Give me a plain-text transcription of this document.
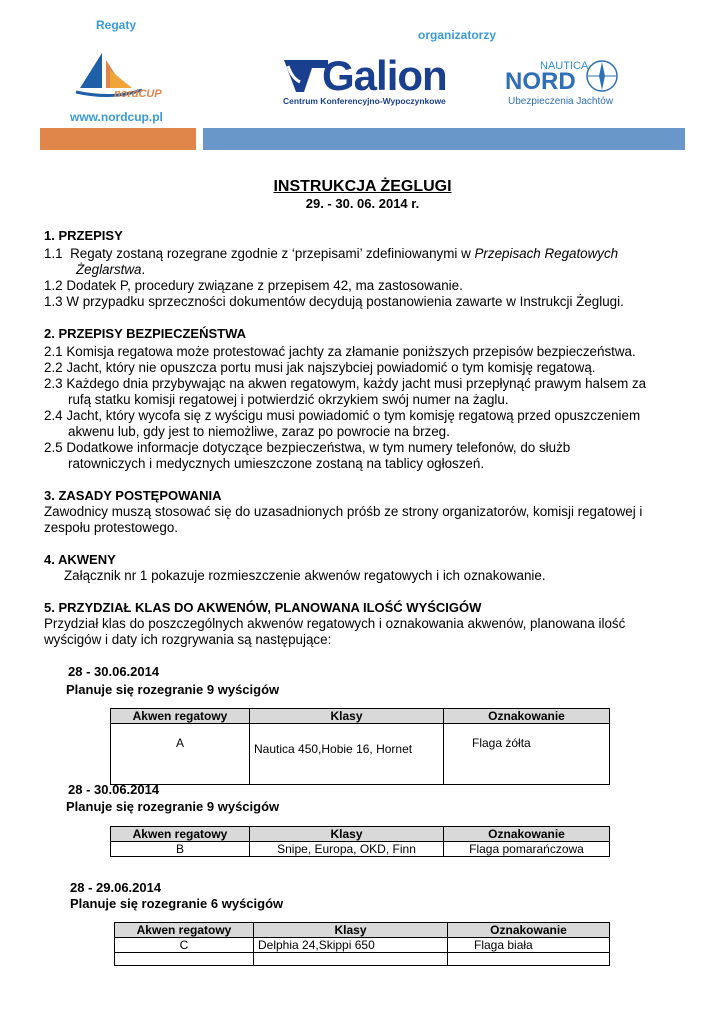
Regaty
organizatorzy
nordCUP
www.nordcup.pl
Galion
Centrum Konferencyjno-Wypoczynkowe
NAUTICA
NORD
Ubezpieczenia Jachtów
INSTRUKCJA ŻEGLUGI
29. - 30. 06. 2014 r.
1. PRZEPISY
1.1 Regaty zostaną rozegrane zgodnie z ‘przepisami’ zdefiniowanymi w Przepisach Regatowych
Żeglarstwa.
1.2 Dodatek P, procedury związane z przepisem 42, ma zastosowanie.
1.3 W przypadku sprzeczności dokumentów decydują postanowienia zawarte w Instrukcji Żeglugi.
2. PRZEPISY BEZPIECZEŃSTWA
2.1 Komisja regatowa może protestować jachty za złamanie poniższych przepisów bezpieczeństwa.
2.2 Jacht, który nie opuszcza portu musi jak najszybciej powiadomić o tym komisję regatową.
2.3 Każdego dnia przybywając na akwen regatowym, każdy jacht musi przepłynąć prawym halsem za
rufą statku komisji regatowej i potwierdzić okrzykiem swój numer na żaglu.
2.4 Jacht, który wycofa się z wyścigu musi powiadomić o tym komisję regatową przed opuszczeniem
akwenu lub, gdy jest to niemożliwe, zaraz po powrocie na brzeg.
2.5 Dodatkowe informacje dotyczące bezpieczeństwa, w tym numery telefonów, do służb
ratowniczych i medycznych umieszczone zostaną na tablicy ogłoszeń.
3. ZASADY POSTĘPOWANIA
Zawodnicy muszą stosować się do uzasadnionych próśb ze strony organizatorów, komisji regatowej i
zespołu protestowego.
4. AKWENY
Załącznik nr 1 pokazuje rozmieszczenie akwenów regatowych i ich oznakowanie.
5. PRZYDZIAŁ KLAS DO AKWENÓW, PLANOWANA ILOŚĆ WYŚCIGÓW
Przydział klas do poszczególnych akwenów regatowych i oznakowania akwenów, planowana ilość
wyścigów i daty ich rozgrywania są następujące:
28 - 30.06.2014
Planuje się rozegranie 9 wyścigów
Akwen regatowy	Klasy	Oznakowanie
A	Nautica 450,Hobie 16, Hornet	Flaga żółta
28 - 30.06.2014
Planuje się rozegranie 9 wyścigów
Akwen regatowy	Klasy	Oznakowanie
B	Snipe, Europa, OKD, Finn	Flaga pomarańczowa
28 - 29.06.2014
Planuje się rozegranie 6 wyścigów
Akwen regatowy	Klasy	Oznakowanie
C	Delphia 24,Skippi 650	Flaga biała
